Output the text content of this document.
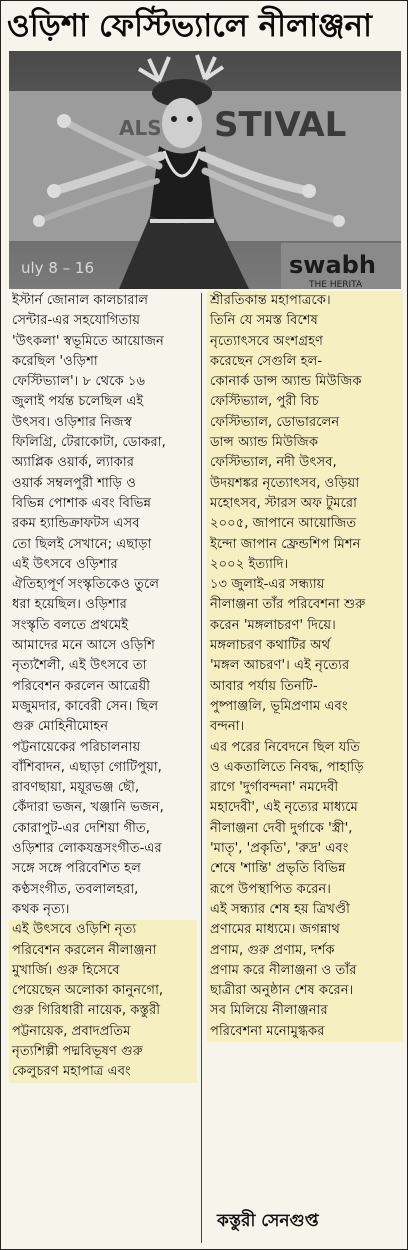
ওড়িশা ফেস্টিভ্যালে নীলাঞ্জনা
STIVAL
ALS
uly 8 – 16	swabh
THE HERITA
ইস্টার্ন জোনাল কালচারাল
সেন্টার-এর সহযোগিতায়
'উৎকলা' স্বভূমিতে আয়োজন
করেছিল 'ওড়িশা
ফেস্টিভ্যাল'। ৮ থেকে ১৬
জুলাই পর্যন্ত চলেছিল এই
উৎসব। ওড়িশার নিজস্ব
ফিলিগ্রি, টেরাকোটা, ডোকরা,
অ্যাপ্লিক ওয়ার্ক, ল্যাকার
ওয়ার্ক সম্বলপুরী শাড়ি ও
বিভিন্ন পোশাক এবং বিভিন্ন
রকম হ্যান্ডিক্রাফটস এসব
তো ছিলই সেখানে; এছাড়া
এই উৎসবে ওড়িশার
ঐতিহ্যপূর্ণ সংস্কৃতিকেও তুলে
ধরা হয়েছিল। ওড়িশার
সংস্কৃতি বলতে প্রথমেই
আমাদের মনে আসে ওড়িশি
নৃত্যশৈলী, এই উৎসবে তা
পরিবেশন করলেন আত্রেয়ী
মজুমদার, কাবেরী সেন। ছিল
গুরু মোহিনীমোহন
পট্টনায়েকের পরিচালনায়
বাঁশিবাদন, এছাড়া গোটিপুয়া,
রাবণছায়া, ময়ূরভঞ্জ ছৌ,
কেঁদারা ভজন, খঞ্জানি ভজন,
কোরাপুট-এর দেশিয়া গীত,
ওড়িশার লোকযন্ত্রসংগীত-এর
সঙ্গে সঙ্গে পরিবেশিত হল
কণ্ঠসংগীত, তবলালহরা,
কথক নৃত্য।
এই উৎসবে ওড়িশি নৃত্য
পরিবেশন করলেন নীলাঞ্জনা
মুখার্জি। গুরু হিসেবে
পেয়েছেন অলোকা কানুনগো,
গুরু গিরিধারী নায়েক, কস্তুরী
পট্টনায়েক, প্রবাদপ্রতিম
নৃত্যশিল্পী পদ্মবিভূষণ গুরু
কেলুচরণ মহাপাত্র এবং
শ্রীরতিকান্ত মহাপাত্রকে।
তিনি যে সমস্ত বিশেষ
নৃত্যোৎসবে অংশগ্রহণ
করেছেন সেগুলি হল-
কোনার্ক ডান্স অ্যান্ড মিউজিক
ফেস্টিভ্যাল, পুরী বিচ
ফেস্টিভ্যাল, ডোভারলেন
ডান্স অ্যান্ড মিউজিক
ফেস্টিভ্যাল, নদী উৎসব,
উদয়শঙ্কর নৃত্যোৎসব, ওড়িয়া
মহোৎসব, স্টারস অফ টুমরো
২০০৫, জাপানে আয়োজিত
ইন্দো জাপান ফ্রেন্ডশিপ মিশন
২০০২ ইত্যাদি।
১৩ জুলাই-এর সন্ধ্যায়
নীলাঞ্জনা তাঁর পরিবেশনা শুরু
করেন 'মঙ্গলাচরণ' দিয়ে।
মঙ্গলাচরণ কথাটির অর্থ
'মঙ্গল আচরণ'। এই নৃত্যের
আবার পর্যায় তিনটি-
পুষ্পাঞ্জলি, ভূমিপ্রণাম এবং
বন্দনা।
এর পরের নিবেদনে ছিল যতি
ও একতালিতে নিবদ্ধ, পাহাড়ি
রাগে 'দুর্গাবন্দনা' নমদেবী
মহাদেবী', এই নৃত্যের মাধ্যমে
নীলাঞ্জনা দেবী দুর্গাকে 'স্ত্রী',
'মাতৃ', 'প্রকৃতি', 'রুদ্র' এবং
শেষে 'শান্তি' প্রভৃতি বিভিন্ন
রূপে উপস্থাপিত করেন।
এই সন্ধ্যার শেষ হয় ত্রিখণ্ডী
প্রণামের মাধ্যমে। জগন্নাথ
প্রণাম, গুরু প্রণাম, দর্শক
প্রণাম করে নীলাঞ্জনা ও তাঁর
ছাত্রীরা অনুষ্ঠান শেষ করেন।
সব মিলিয়ে নীলাঞ্জনার
পরিবেশনা মনোমুগ্ধকর
কস্তুরী সেনগুপ্ত
